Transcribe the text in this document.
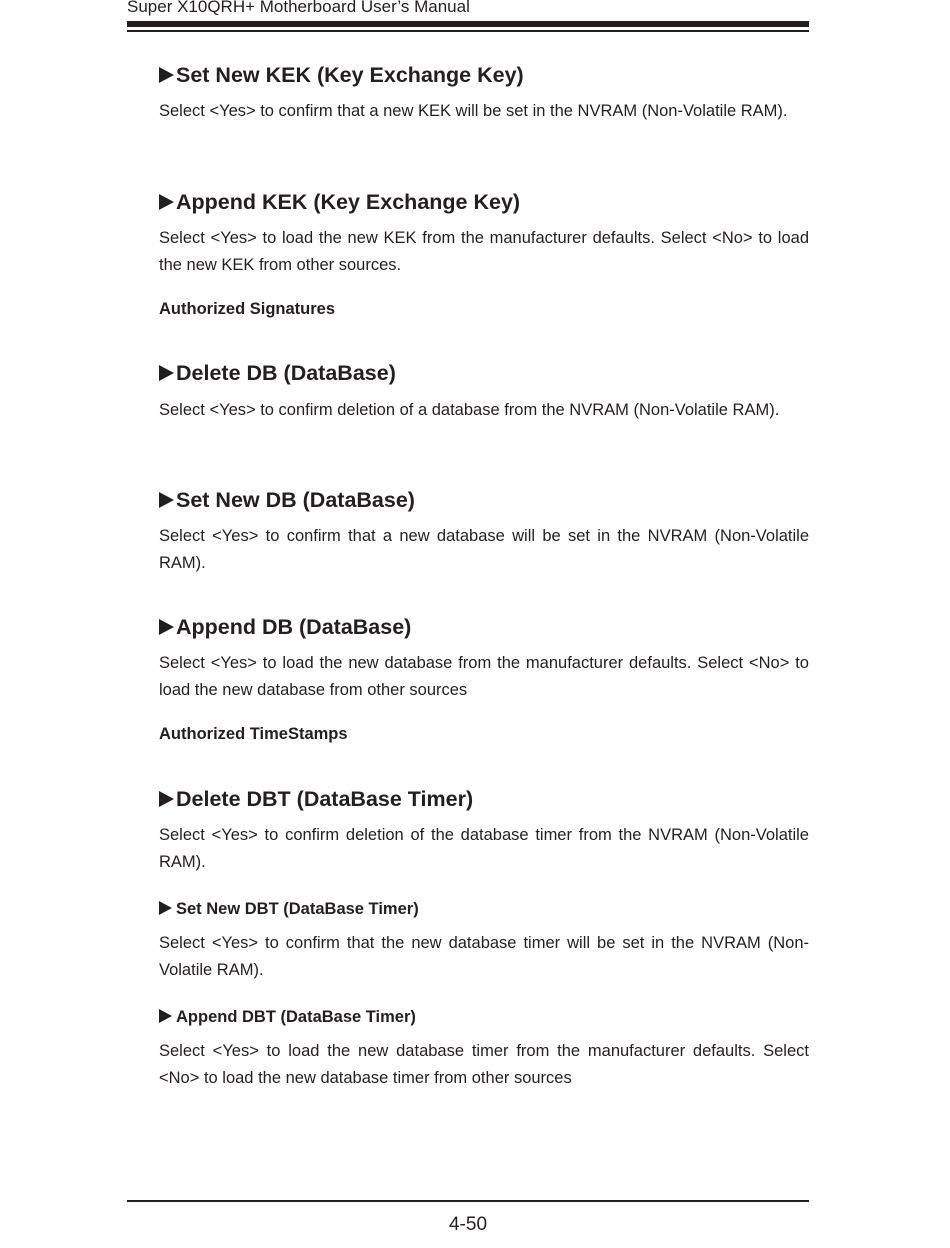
Super X10QRH+ Motherboard User’s Manual
Set New KEK (Key Exchange Key)
Select <Yes> to confirm that a new KEK will be set in the NVRAM (Non-Volatile RAM).
Append KEK (Key Exchange Key)
Select <Yes> to load the new KEK from the manufacturer defaults. Select <No> to load the new KEK from other sources.
Authorized Signatures
Delete DB (DataBase)
Select <Yes> to confirm deletion of a database from the NVRAM (Non-Volatile RAM).
Set New DB (DataBase)
Select <Yes> to confirm that a new database will be set in the NVRAM (Non-Volatile RAM).
Append DB (DataBase)
Select <Yes> to load the new database from the manufacturer defaults. Select <No> to load the new database from other sources
Authorized TimeStamps
Delete DBT (DataBase Timer)
Select <Yes> to confirm deletion of the database timer from the NVRAM (Non-Volatile RAM).
Set New DBT (DataBase Timer)
Select <Yes> to confirm that the new database timer will be set in the NVRAM (Non-Volatile RAM).
Append DBT (DataBase Timer)
Select <Yes> to load the new database timer from the manufacturer defaults. Select <No> to load the new database timer from other sources
4-50
